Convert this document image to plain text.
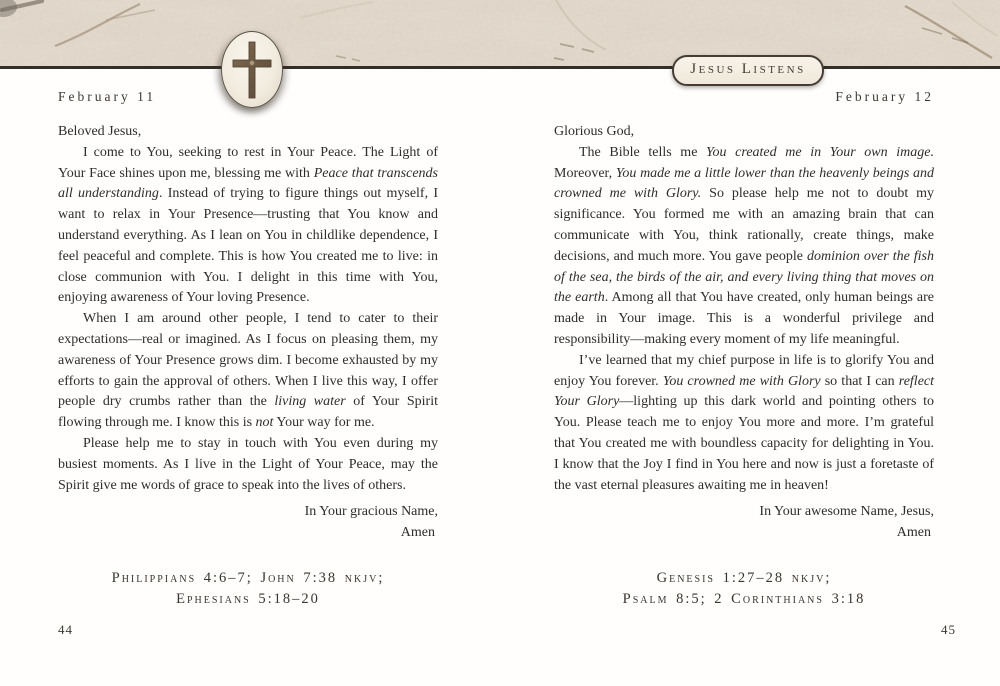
Jesus Listens
February 11

Beloved Jesus,

I come to You, seeking to rest in Your Peace. The Light of Your Face shines upon me, blessing me with Peace that transcends all understanding. Instead of trying to figure things out myself, I want to relax in Your Presence—trusting that You know and understand everything. As I lean on You in childlike dependence, I feel peaceful and complete. This is how You created me to live: in close communion with You. I delight in this time with You, enjoying awareness of Your loving Presence.

When I am around other people, I tend to cater to their expectations—real or imagined. As I focus on pleasing them, my awareness of Your Presence grows dim. I become exhausted by my efforts to gain the approval of others. When I live this way, I offer people dry crumbs rather than the living water of Your Spirit flowing through me. I know this is not Your way for me.

Please help me to stay in touch with You even during my busiest moments. As I live in the Light of Your Peace, may the Spirit give me words of grace to speak into the lives of others.

In Your gracious Name,

Amen

Philippians 4:6–7; John 7:38 nkjv;
Ephesians 5:18–20
February 12

Glorious God,

The Bible tells me You created me in Your own image. Moreover, You made me a little lower than the heavenly beings and crowned me with Glory. So please help me not to doubt my significance. You formed me with an amazing brain that can communicate with You, think rationally, create things, make decisions, and much more. You gave people dominion over the fish of the sea, the birds of the air, and every living thing that moves on the earth. Among all that You have created, only human beings are made in Your image. This is a wonderful privilege and responsibility—making every moment of my life meaningful.

I’ve learned that my chief purpose in life is to glorify You and enjoy You forever. You crowned me with Glory so that I can reflect Your Glory—lighting up this dark world and pointing others to You. Please teach me to enjoy You more and more. I’m grateful that You created me with boundless capacity for delighting in You. I know that the Joy I find in You here and now is just a foretaste of the vast eternal pleasures awaiting me in heaven!

In Your awesome Name, Jesus,

Amen

Genesis 1:27–28 nkjv;
Psalm 8:5; 2 Corinthians 3:18
44	45
